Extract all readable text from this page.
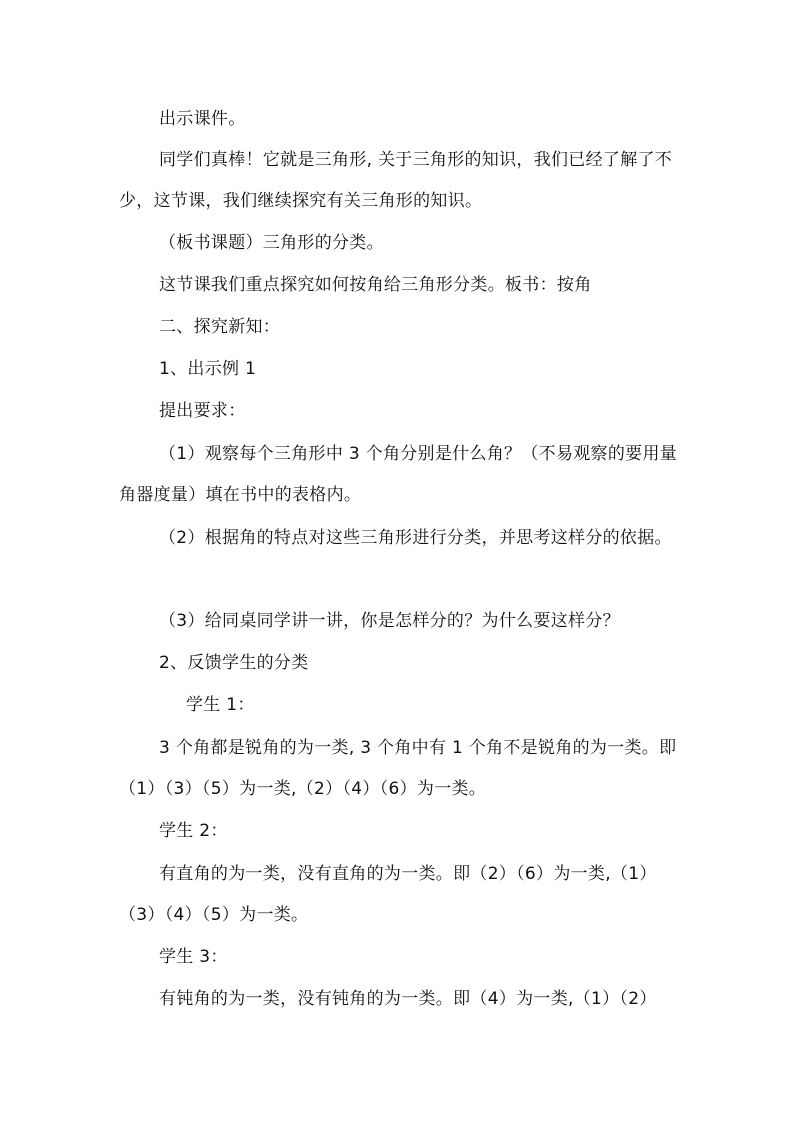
出示课件。
同学们真棒！它就是三角形, 关于三角形的知识，我们已经了解了不少，这节课，我们继续探究有关三角形的知识。
（板书课题）三角形的分类。
这节课我们重点探究如何按角给三角形分类。板书：按角
二、探究新知：
1、出示例 1
提出要求：
（1）观察每个三角形中 3 个角分别是什么角？（不易观察的要用量角器度量）填在书中的表格内。
（2）根据角的特点对这些三角形进行分类，并思考这样分的依据。
（3）给同桌同学讲一讲，你是怎样分的？为什么要这样分？
2、反馈学生的分类
学生 1：
3 个角都是锐角的为一类, 3 个角中有 1 个角不是锐角的为一类。即（1）（3）（5）为一类,（2）（4）（6）为一类。
学生 2：
有直角的为一类，没有直角的为一类。即（2）（6）为一类,（1）（3）（4）（5）为一类。
学生 3：
有钝角的为一类，没有钝角的为一类。即（4）为一类,（1）（2）
